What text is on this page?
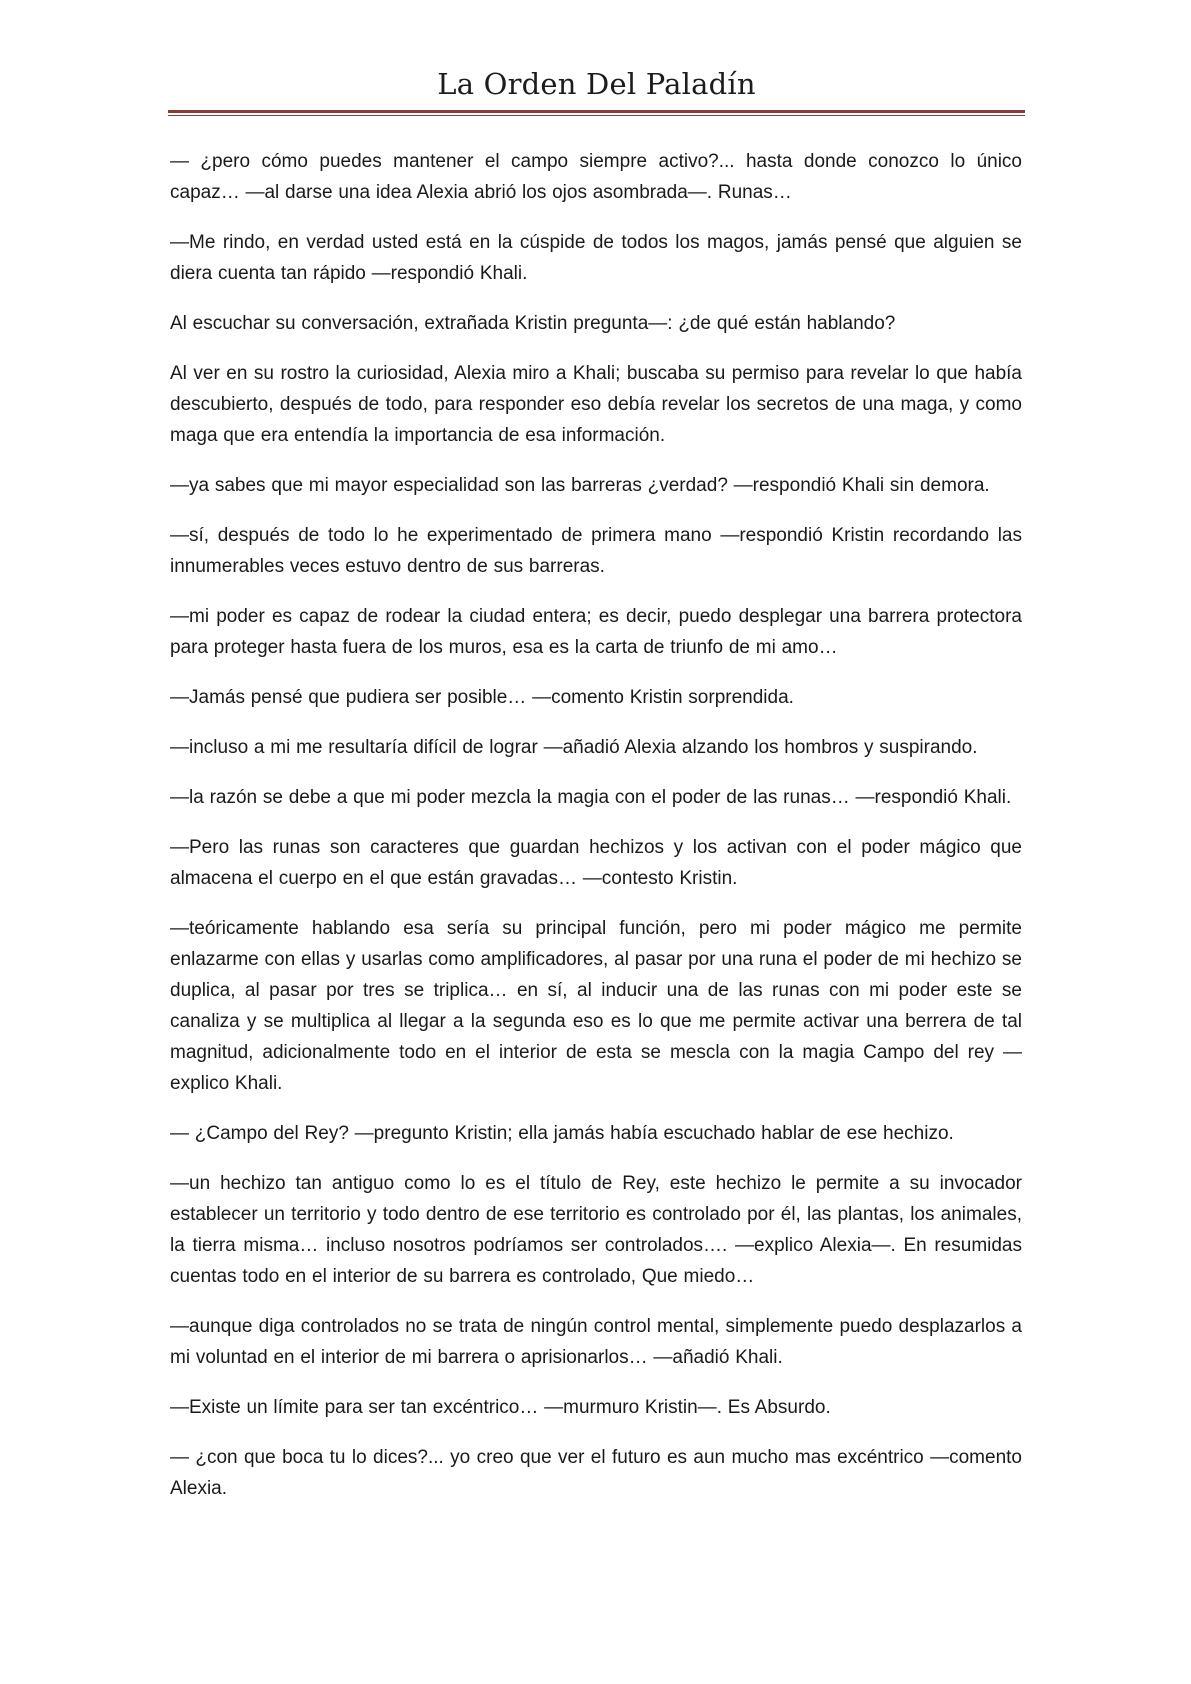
La Orden Del Paladín

— ¿pero cómo puedes mantener el campo siempre activo?... hasta donde conozco lo único capaz… —al darse una idea Alexia abrió los ojos asombrada—. Runas…

—Me rindo, en verdad usted está en la cúspide de todos los magos, jamás pensé que alguien se diera cuenta tan rápido —respondió Khali.

Al escuchar su conversación, extrañada Kristin pregunta—: ¿de qué están hablando?

Al ver en su rostro la curiosidad, Alexia miro a Khali; buscaba su permiso para revelar lo que había descubierto, después de todo, para responder eso debía revelar los secretos de una maga, y como maga que era entendía la importancia de esa información.

—ya sabes que mi mayor especialidad son las barreras ¿verdad? —respondió Khali sin demora.

—sí, después de todo lo he experimentado de primera mano —respondió Kristin recordando las innumerables veces estuvo dentro de sus barreras.

—mi poder es capaz de rodear la ciudad entera; es decir, puedo desplegar una barrera protectora para proteger hasta fuera de los muros, esa es la carta de triunfo de mi amo…

—Jamás pensé que pudiera ser posible… —comento Kristin sorprendida.

—incluso a mi me resultaría difícil de lograr —añadió Alexia alzando los hombros y suspirando.

—la razón se debe a que mi poder mezcla la magia con el poder de las runas… —respondió Khali.

—Pero las runas son caracteres que guardan hechizos y los activan con el poder mágico que almacena el cuerpo en el que están gravadas… —contesto Kristin.

—teóricamente hablando esa sería su principal función, pero mi poder mágico me permite enlazarme con ellas y usarlas como amplificadores, al pasar por una runa el poder de mi hechizo se duplica, al pasar por tres se triplica… en sí, al inducir una de las runas con mi poder este se canaliza y se multiplica al llegar a la segunda eso es lo que me permite activar una berrera de tal magnitud, adicionalmente todo en el interior de esta se mescla con la magia Campo del rey —explico Khali.

— ¿Campo del Rey? —pregunto Kristin; ella jamás había escuchado hablar de ese hechizo.

—un hechizo tan antiguo como lo es el título de Rey, este hechizo le permite a su invocador establecer un territorio y todo dentro de ese territorio es controlado por él, las plantas, los animales, la tierra misma… incluso nosotros podríamos ser controlados…. —explico Alexia—. En resumidas cuentas todo en el interior de su barrera es controlado, Que miedo…

—aunque diga controlados no se trata de ningún control mental, simplemente puedo desplazarlos a mi voluntad en el interior de mi barrera o aprisionarlos… —añadió Khali.

—Existe un límite para ser tan excéntrico… —murmuro Kristin—. Es Absurdo.

— ¿con que boca tu lo dices?... yo creo que ver el futuro es aun mucho mas excéntrico —comento Alexia.
